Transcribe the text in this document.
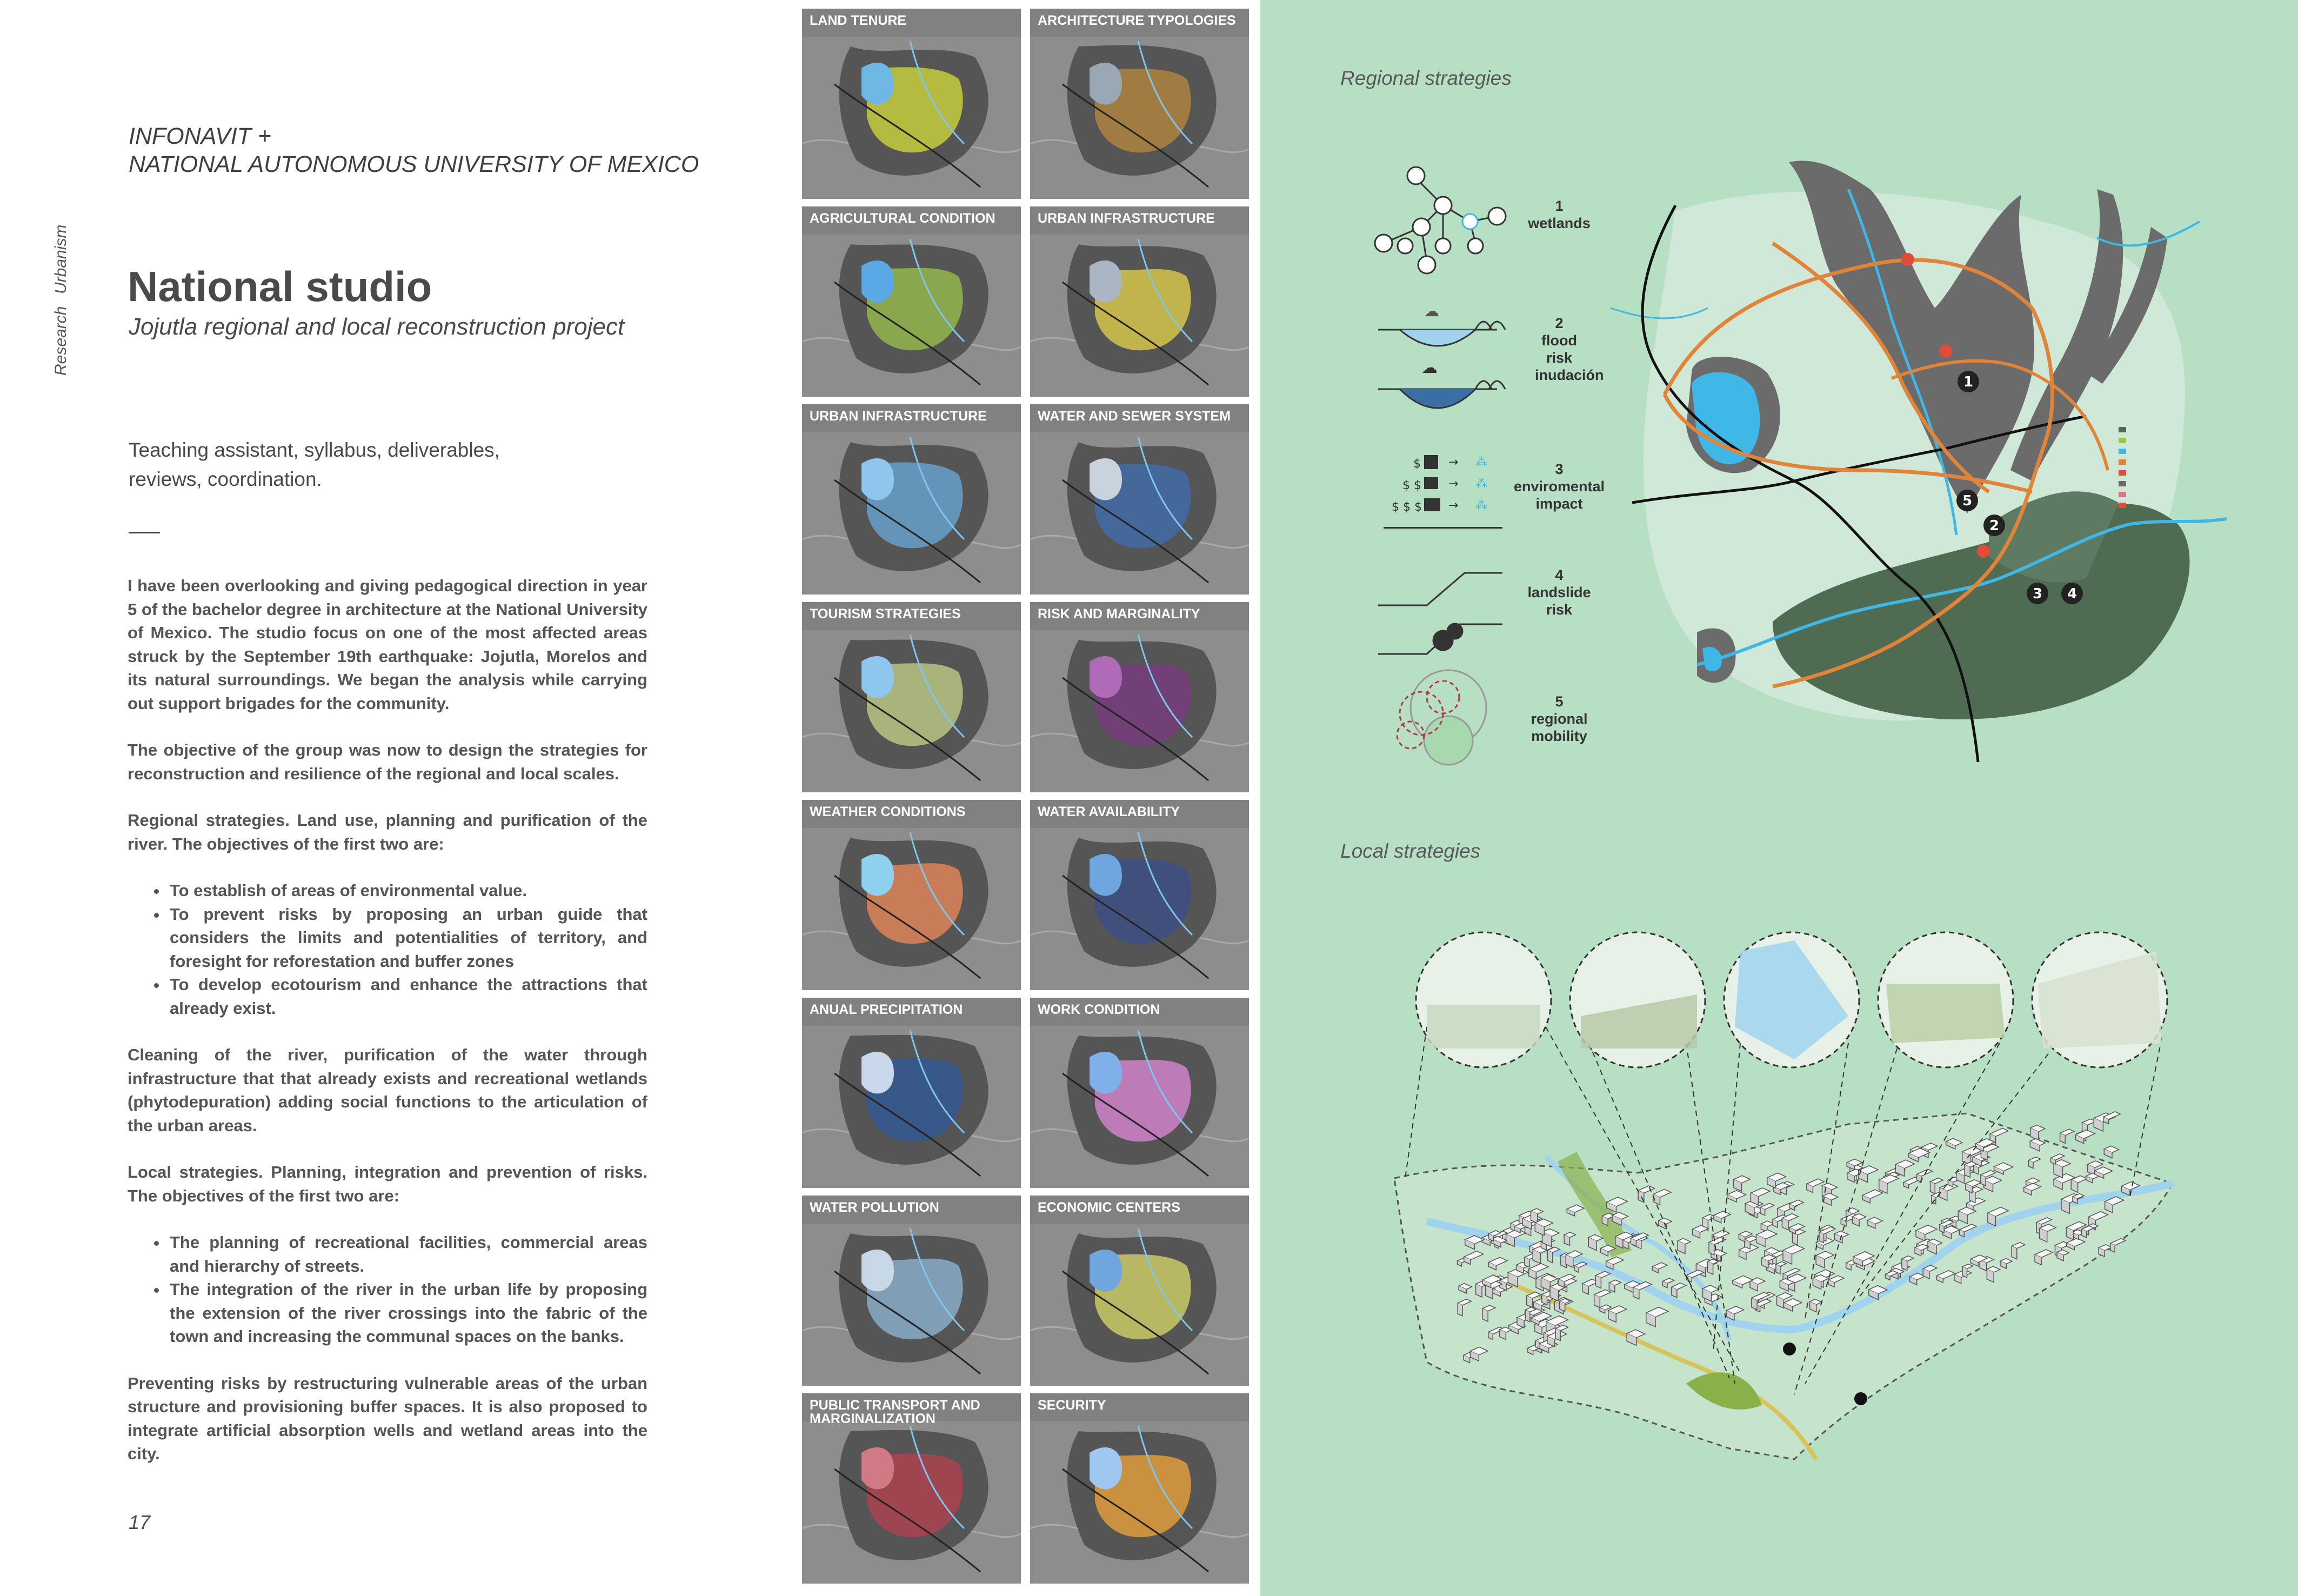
Research
Urbanism
INFONAVIT +
NATIONAL AUTONOMOUS UNIVERSITY OF MEXICO
National studio
Jojutla regional and local reconstruction project
Teaching assistant, syllabus, deliverables,
reviews, coordination.

I have been overlooking and giving pedagogical direction in year 5 of the bachelor degree in architecture at the National University of Mexico. The studio focus on one of the most affected areas struck by the September 19th earthquake: Jojutla, Morelos and its natural surroundings. We began the analysis while carrying out support brigades for the community.

The objective of the group was now to design the strategies for reconstruction and resilience of the regional and local scales.

Regional strategies. Land use, planning and purification of the river. The objectives of the first two are:

• To establish of areas of environmental value.
• To prevent risks by proposing an urban guide that considers the limits and potentialities of territory, and foresight for reforestation and buffer zones
• To develop ecotourism and enhance the attractions that already exist.

Cleaning of the river, purification of the water through infrastructure that that already exists and recreational wetlands (phytodepuration) adding social functions to the articulation of the urban areas.

Local strategies. Planning, integration and prevention of risks. The objectives of the first two are:

• The planning of recreational facilities, commercial areas and hierarchy of streets.
• The integration of the river in the urban life by proposing the extension of the river crossings into the fabric of the town and increasing the communal spaces on the banks.

Preventing risks by restructuring vulnerable areas of the urban structure and provisioning buffer spaces. It is also proposed to integrate artificial absorption wells and wetland areas into the city.

17
LAND TENURE	ARCHITECTURE TYPOLOGIES
AGRICULTURAL CONDITION	URBAN INFRASTRUCTURE
URBAN INFRASTRUCTURE	WATER AND SEWER SYSTEM
TOURISM STRATEGIES	RISK AND MARGINALITY
WEATHER CONDITIONS	WATER AVAILABILITY
ANUAL PRECIPITATION	WORK CONDITION
WATER POLLUTION	ECONOMIC CENTERS
PUBLIC TRANSPORT AND MARGINALIZATION
SECURITY
Regional strategies
Local strategies
1
wetlands
2
flood risk inudación
3
enviromental impact
4
landslide risk
5
regional mobility
☁
☁
$ → ⁂
$ $ → ⁂
$ $ $ → ⁂
1
5
2
3 4
